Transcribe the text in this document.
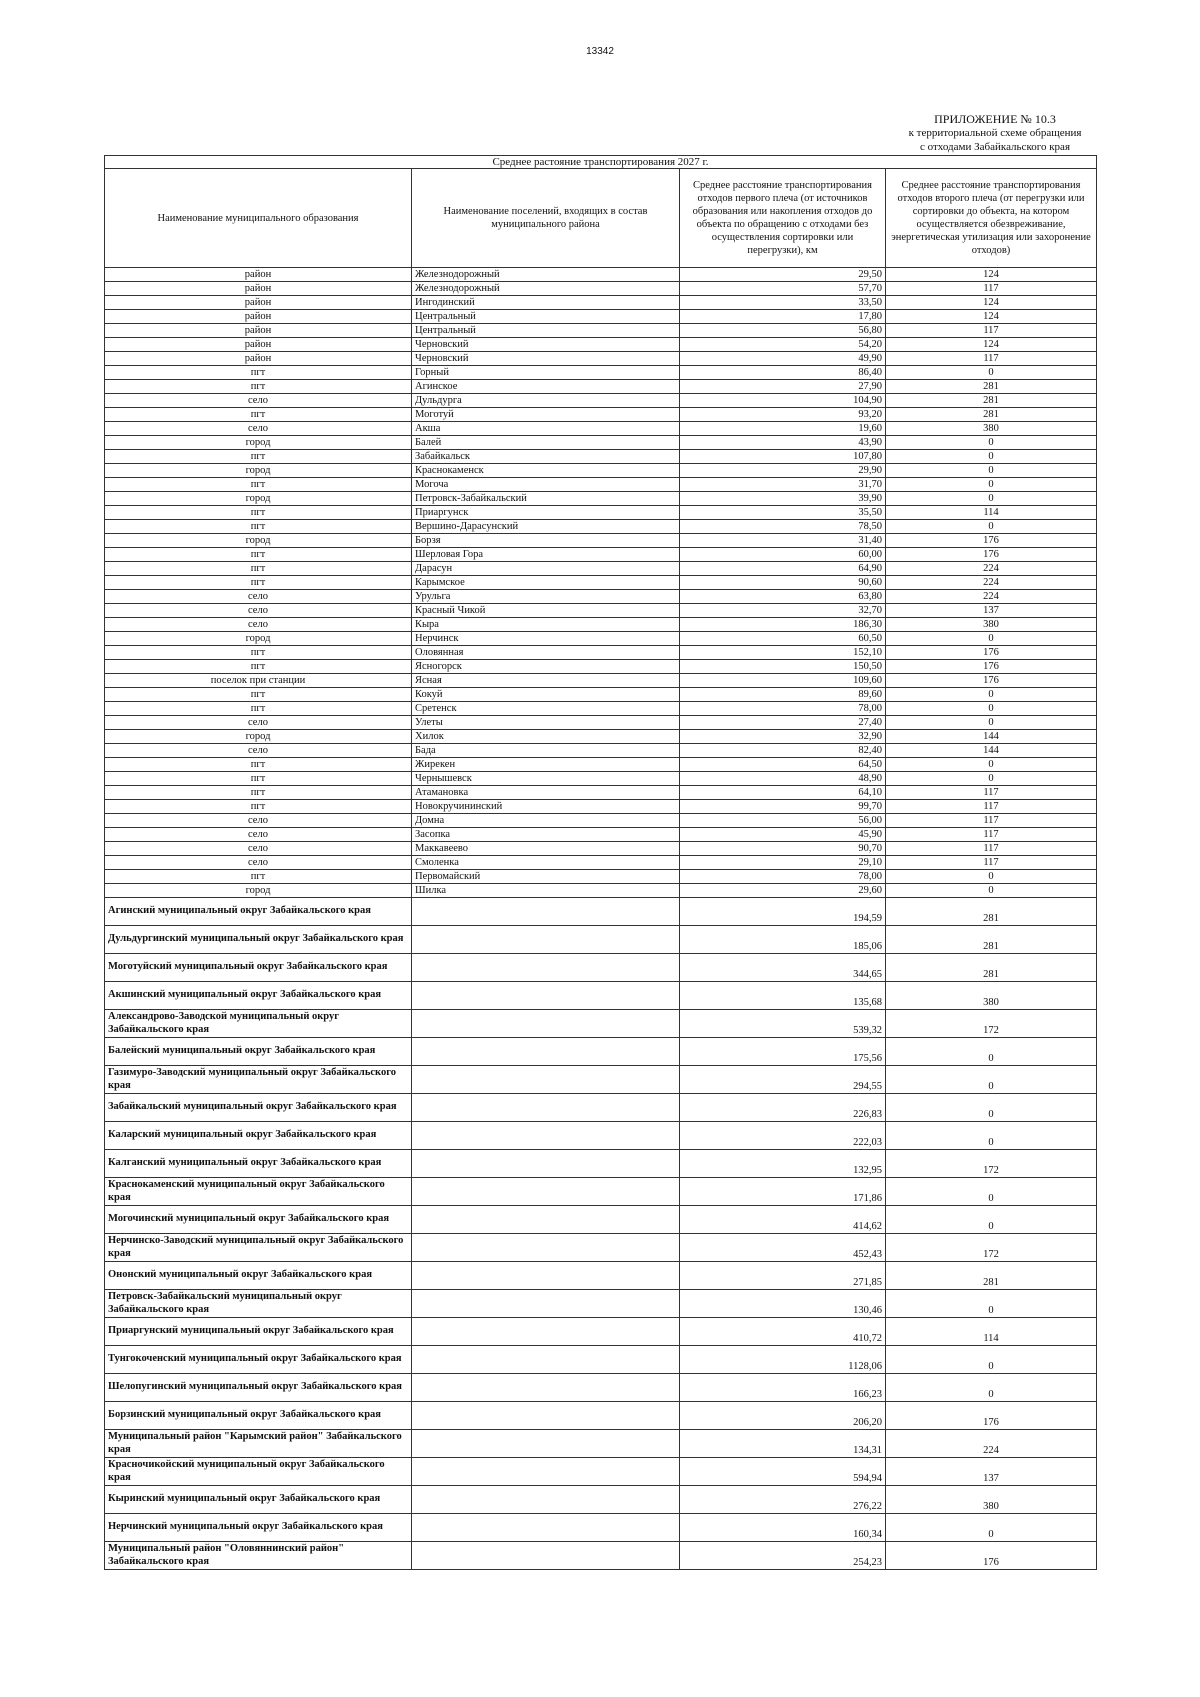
13342
ПРИЛОЖЕНИЕ № 10.3
к территориальной схеме обращения
с отходами Забайкальского края
Среднее растояние транспортирования 2027 г.			
Наименование муниципального образования	Наименование поселений, входящих в состав муниципального района	Среднее расстояние транспортирования отходов первого плеча (от источников образования или накопления отходов до объекта по обращению с отходами без осуществления сортировки или перегрузки), км	Среднее расстояние транспортирования отходов второго плеча (от перегрузки или сортировки до объекта, на котором осуществляется обезвреживание, энергетическая утилизация или захоронение отходов)
район	Железнодорожный	29,50	124
район	Железнодорожный	57,70	117
район	Ингодинский	33,50	124
район	Центральный	17,80	124
район	Центральный	56,80	117
район	Черновский	54,20	124
район	Черновский	49,90	117
пгт	Горный	86,40	0
пгт	Агинское	27,90	281
село	Дульдурга	104,90	281
пгт	Моготуй	93,20	281
село	Акша	19,60	380
город	Балей	43,90	0
пгт	Забайкальск	107,80	0
город	Краснокаменск	29,90	0
пгт	Могоча	31,70	0
город	Петровск-Забайкальский	39,90	0
пгт	Приаргунск	35,50	114
пгт	Вершино-Дарасунский	78,50	0
город	Борзя	31,40	176
пгт	Шерловая Гора	60,00	176
пгт	Дарасун	64,90	224
пгт	Карымское	90,60	224
село	Урульга	63,80	224
село	Красный Чикой	32,70	137
село	Кыра	186,30	380
город	Нерчинск	60,50	0
пгт	Оловянная	152,10	176
пгт	Ясногорск	150,50	176
поселок при станции	Ясная	109,60	176
пгт	Кокуй	89,60	0
пгт	Сретенск	78,00	0
село	Улеты	27,40	0
город	Хилок	32,90	144
село	Бада	82,40	144
пгт	Жирекен	64,50	0
пгт	Чернышевск	48,90	0
пгт	Атамановка	64,10	117
пгт	Новокручининский	99,70	117
село	Домна	56,00	117
село	Засопка	45,90	117
село	Маккавеево	90,70	117
село	Смоленка	29,10	117
пгт	Первомайский	78,00	0
город	Шилка	29,60	0
Агинский муниципальный округ Забайкальского края		194,59	281
Дульдургинский муниципальный округ Забайкальского края		185,06	281
Моготуйский муниципальный округ Забайкальского края		344,65	281
Акшинский муниципальный округ Забайкальского края		135,68	380
Александрово-Заводской муниципальный округ Забайкальского края		539,32	172
Балейский муниципальный округ Забайкальского края		175,56	0
Газимуро-Заводский муниципальный округ Забайкальского края		294,55	0
Забайкальский муниципальный округ Забайкальского края		226,83	0
Каларский муниципальный округ Забайкальского края		222,03	0
Калганский муниципальный округ Забайкальского края		132,95	172
Краснокаменский муниципальный округ Забайкальского края		171,86	0
Могочинский муниципальный округ Забайкальского края		414,62	0
Нерчинско-Заводский муниципальный округ Забайкальского края		452,43	172
Ононский муниципальный округ Забайкальского края		271,85	281
Петровск-Забайкальский муниципальный округ Забайкальского края		130,46	0
Приаргунский муниципальный округ Забайкальского края		410,72	114
Тунгокоченский муниципальный округ Забайкальского края		1128,06	0
Шелопугинский муниципальный округ Забайкальского края		166,23	0
Борзинский муниципальный округ Забайкальского края		206,20	176
Муниципальный район "Карымский район" Забайкальского края		134,31	224
Красночикойский муниципальный округ Забайкальского края		594,94	137
Кыринский муниципальный округ Забайкальского края		276,22	380
Нерчинский муниципальный округ Забайкальского края		160,34	0
Муниципальный район "Оловяннинский район" Забайкальского края		254,23	176
